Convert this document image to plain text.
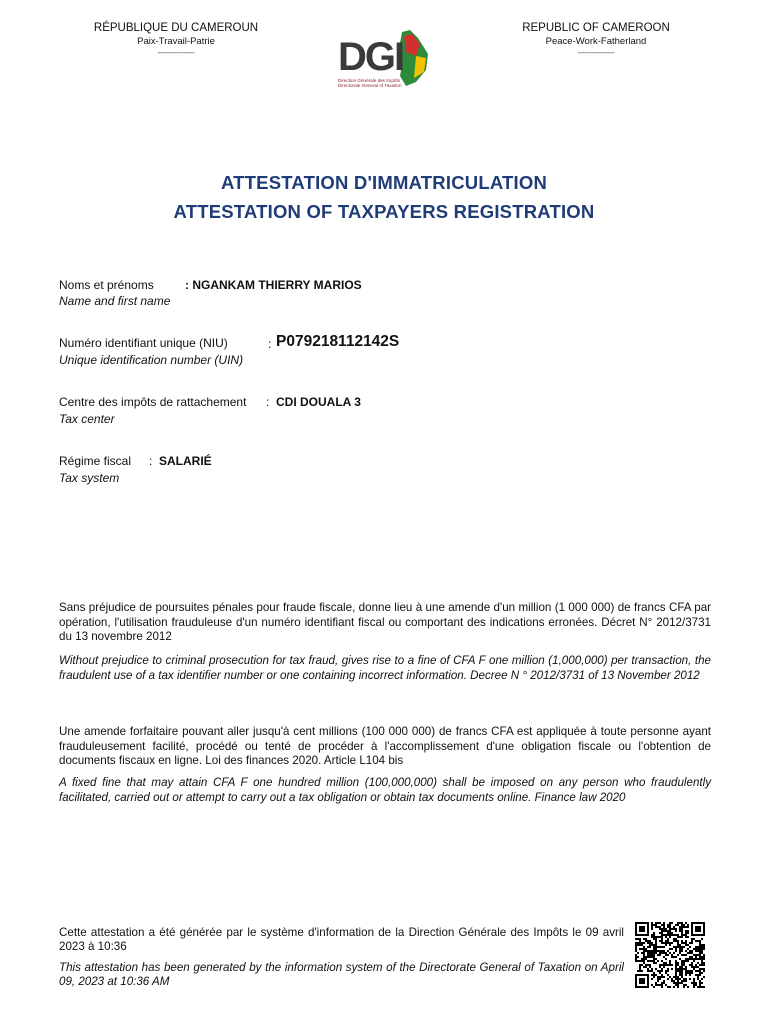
RÉPUBLIQUE DU CAMEROUN
Paix-Travail-Patrie
-----------------
REPUBLIC OF CAMEROON
Peace-Work-Fatherland
-----------------
DGI
Direction Générale des Impôts
Directorate General of Taxation
ATTESTATION D'IMMATRICULATION
ATTESTATION OF TAXPAYERS REGISTRATION
Noms et prénoms	: NGANKAM THIERRY MARIOS
Name and first name
Numéro identifiant unique (NIU)	: P079218112142S
Unique identification number (UIN)
Centre des impôts de rattachement : CDI DOUALA 3
Tax center
Régime fiscal : SALARIÉ
Tax system
Sans préjudice de poursuites pénales pour fraude fiscale, donne lieu à une amende d'un million (1 000 000) de francs CFA par opération, l'utilisation frauduleuse d'un numéro identifiant fiscal ou comportant des indications erronées. Décret N° 2012/3731 du 13 novembre 2012
Without prejudice to criminal prosecution for tax fraud, gives rise to a fine of CFA F one million (1,000,000) per transaction, the fraudulent use of a tax identifier number or one containing incorrect information. Decree N ° 2012/3731 of 13 November 2012
Une amende forfaitaire pouvant aller jusqu'à cent millions (100 000 000) de francs CFA est appliquée à toute personne ayant frauduleusement facilité, procédé ou tenté de procéder à l'accomplissement d'une obligation fiscale ou l'obtention de documents fiscaux en ligne. Loi des finances 2020. Article L104 bis
A fixed fine that may attain CFA F one hundred million (100,000,000) shall be imposed on any person who fraudulently facilitated, carried out or attempt to carry out a tax obligation or obtain tax documents online. Finance law 2020
Cette attestation a été générée par le système d'information de la Direction Générale des Impôts le 09 avril 2023 à 10:36
This attestation has been generated by the information system of the Directorate General of Taxation on April 09, 2023 at 10:36 AM
